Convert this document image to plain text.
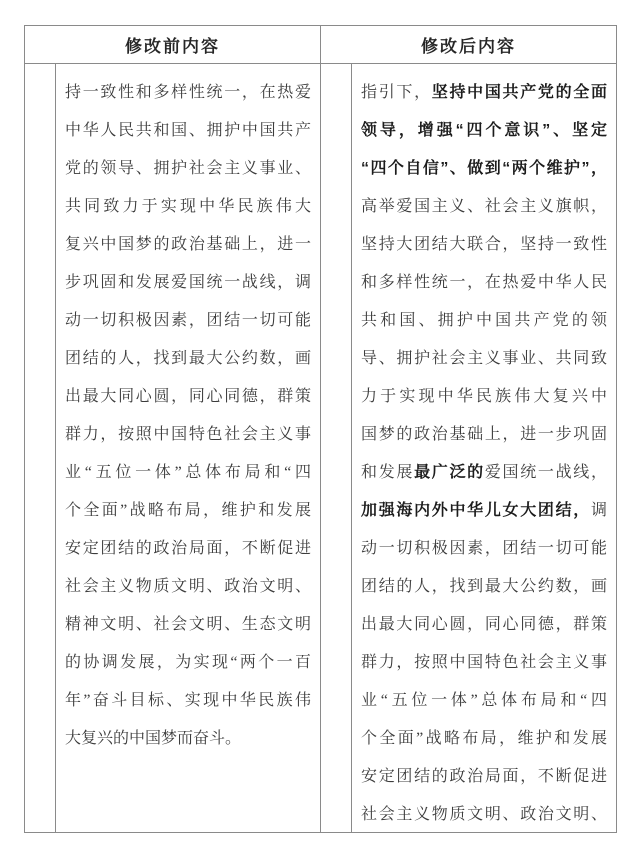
修改前内容	修改后内容
持一致性和多样性统一，在热爱
中华人民共和国、拥护中国共产
党的领导、拥护社会主义事业、
共同致力于实现中华民族伟大
复兴中国梦的政治基础上，进一
步巩固和发展爱国统一战线，调
动一切积极因素，团结一切可能
团结的人，找到最大公约数，画
出最大同心圆，同心同德，群策
群力，按照中国特色社会主义事
业“五位一体”总体布局和“四
个全面”战略布局，维护和发展
安定团结的政治局面，不断促进
社会主义物质文明、政治文明、
精神文明、社会文明、生态文明
的协调发展，为实现“两个一百
年”奋斗目标、实现中华民族伟
大复兴的中国梦而奋斗。
指引下，坚持中国共产党的全面
领导，增强“四个意识”、坚定
“四个自信”、做到“两个维护”，
高举爱国主义、社会主义旗帜，
坚持大团结大联合，坚持一致性
和多样性统一，在热爱中华人民
共和国、拥护中国共产党的领
导、拥护社会主义事业、共同致
力于实现中华民族伟大复兴中
国梦的政治基础上，进一步巩固
和发展最广泛的爱国统一战线，
加强海内外中华儿女大团结，调
动一切积极因素，团结一切可能
团结的人，找到最大公约数，画
出最大同心圆，同心同德，群策
群力，按照中国特色社会主义事
业“五位一体”总体布局和“四
个全面”战略布局，维护和发展
安定团结的政治局面，不断促进
社会主义物质文明、政治文明、
